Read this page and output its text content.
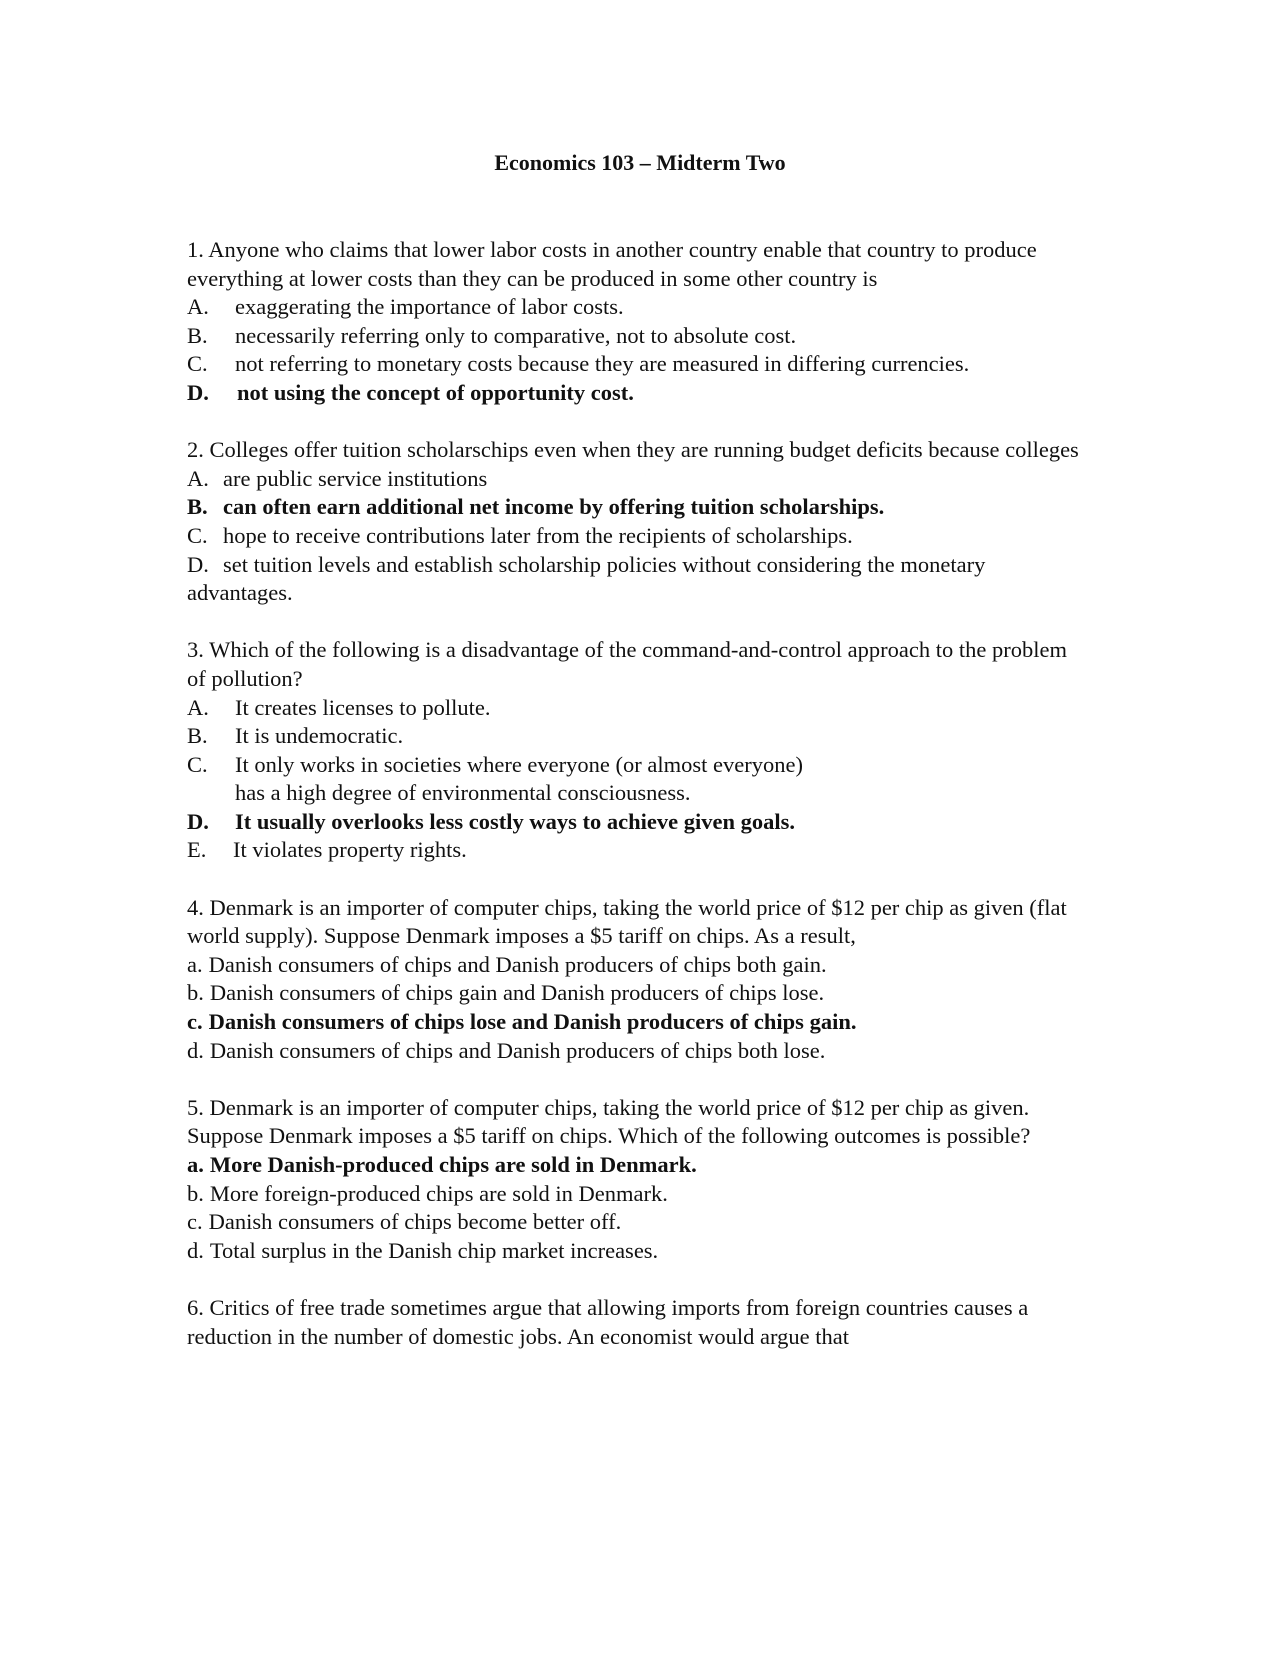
Economics 103 – Midterm Two

1. Anyone who claims that lower labor costs in another country enable that country to produce everything at lower costs than they can be produced in some other country is

A. exaggerating the importance of labor costs.

B. necessarily referring only to comparative, not to absolute cost.

C. not referring to monetary costs because they are measured in differing currencies.

D. not using the concept of opportunity cost.

2. Colleges offer tuition scholarschips even when they are running budget deficits because colleges

A. are public service institutions

B. can often earn additional net income by offering tuition scholarships.

C. hope to receive contributions later from the recipients of scholarships.

D. set tuition levels and establish scholarship policies without considering the monetary advantages.

3. Which of the following is a disadvantage of the command-and-control approach to the problem of pollution?

A. It creates licenses to pollute.

B. It is undemocratic.

C. It only works in societies where everyone (or almost everyone)

has a high degree of environmental consciousness.

D. It usually overlooks less costly ways to achieve given goals.

E. It violates property rights.

4. Denmark is an importer of computer chips, taking the world price of $12 per chip as given (flat world supply). Suppose Denmark imposes a $5 tariff on chips. As a result,

a. Danish consumers of chips and Danish producers of chips both gain.

b. Danish consumers of chips gain and Danish producers of chips lose.

c. Danish consumers of chips lose and Danish producers of chips gain.

d. Danish consumers of chips and Danish producers of chips both lose.

5. Denmark is an importer of computer chips, taking the world price of $12 per chip as given. Suppose Denmark imposes a $5 tariff on chips. Which of the following outcomes is possible?

a. More Danish-produced chips are sold in Denmark.

b. More foreign-produced chips are sold in Denmark.

c. Danish consumers of chips become better off.

d. Total surplus in the Danish chip market increases.

6. Critics of free trade sometimes argue that allowing imports from foreign countries causes a reduction in the number of domestic jobs. An economist would argue that
